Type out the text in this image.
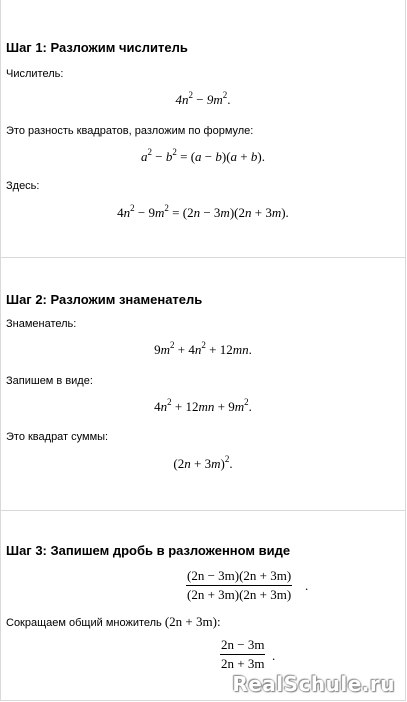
Шаг 1: Разложим числитель
Числитель:
$4n^2 - 9m^2$.
Это разность квадратов, разложим по формуле:
$a^2 - b^2 = (a - b)(a + b)$.
Здесь:
$4n^2 - 9m^2 = (2n - 3m)(2n + 3m)$.
Шаг 2: Разложим знаменатель
Знаменатель:
$9m^2 + 4n^2 + 12mn$.
Запишем в виде:
$4n^2 + 12mn + 9m^2$.
Это квадрат суммы:
$(2n + 3m)^2$.
Шаг 3: Запишем дробь в разложенном виде
$\frac{(2n - 3m)(2n + 3m)}{(2n + 3m)(2n + 3m)}$ .
Сокращаем общий множитель (2n + 3m):
$\frac{2n - 3m}{2n + 3m}$ .
RealSchule.ru
